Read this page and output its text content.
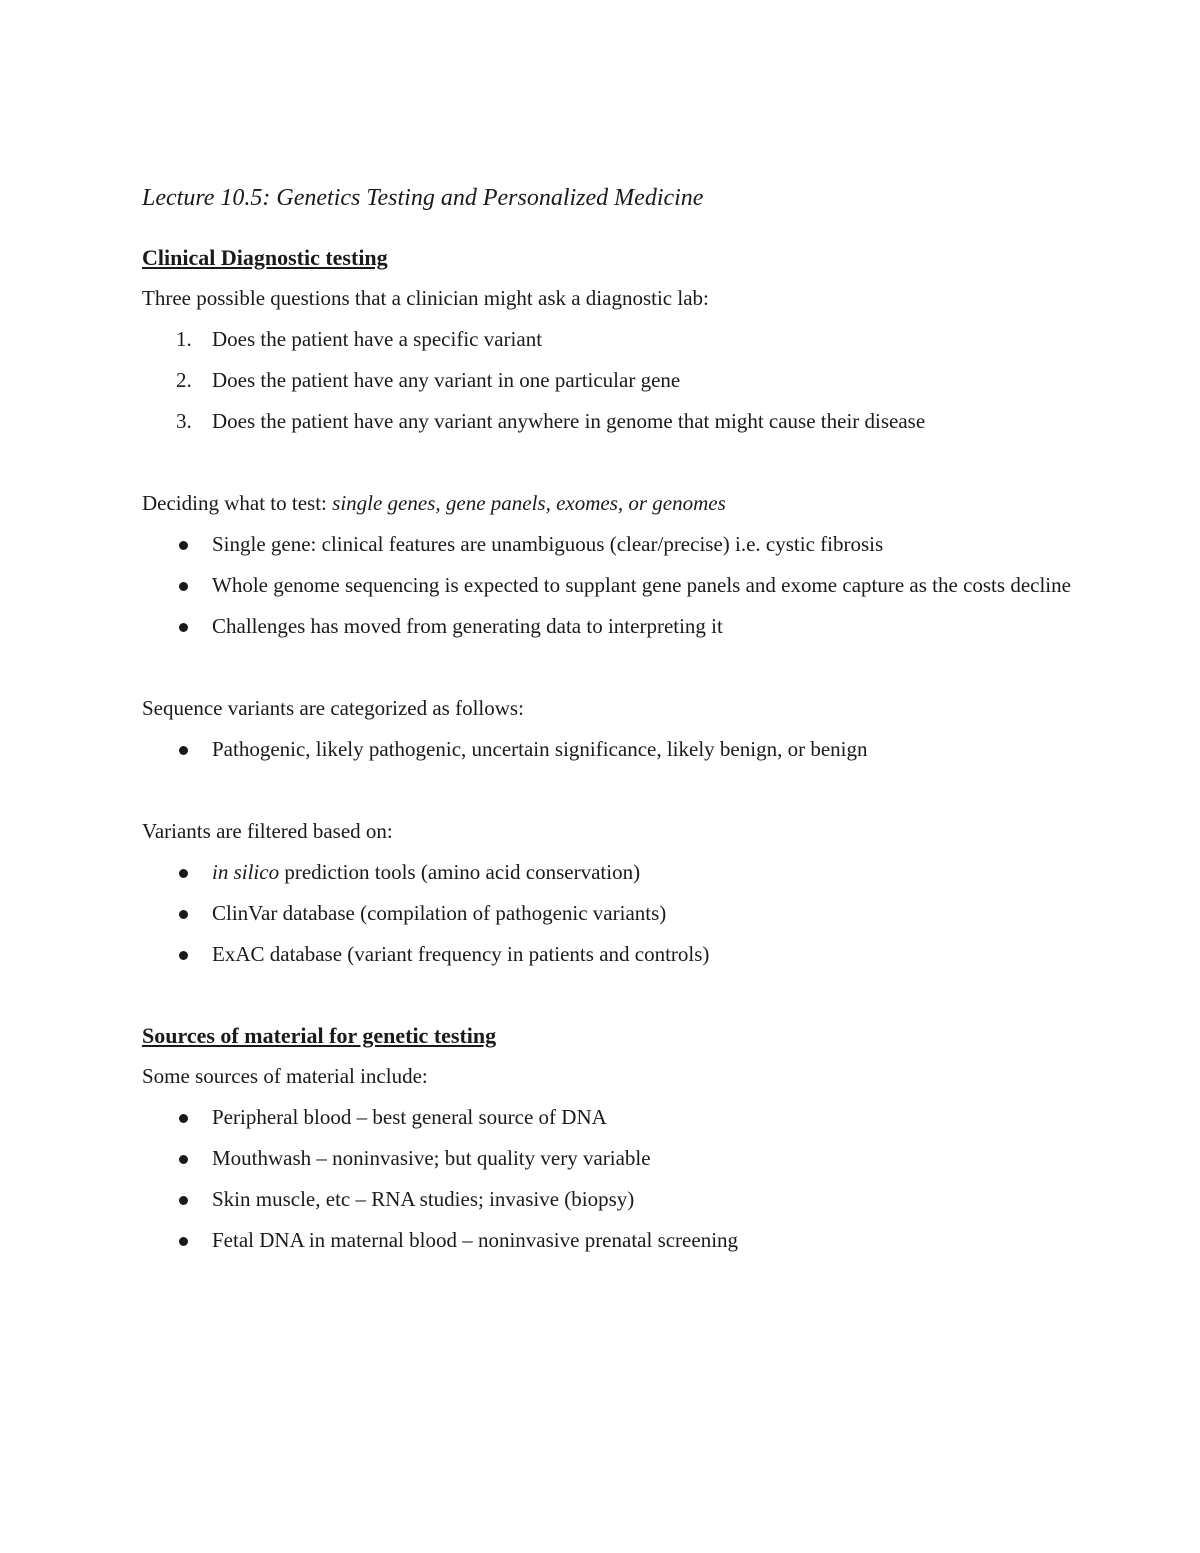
Lecture 10.5: Genetics Testing and Personalized Medicine
Clinical Diagnostic testing

Three possible questions that a clinician might ask a diagnostic lab:

1. Does the patient have a specific variant
2. Does the patient have any variant in one particular gene
3. Does the patient have any variant anywhere in genome that might cause their disease

Deciding what to test: single genes, gene panels, exomes, or genomes

Single gene: clinical features are unambiguous (clear/precise) i.e. cystic fibrosis
Whole genome sequencing is expected to supplant gene panels and exome capture as the costs decline
Challenges has moved from generating data to interpreting it

Sequence variants are categorized as follows:

Pathogenic, likely pathogenic, uncertain significance, likely benign, or benign

Variants are filtered based on:

in silico prediction tools (amino acid conservation)
ClinVar database (compilation of pathogenic variants)
ExAC database (variant frequency in patients and controls)
Sources of material for genetic testing

Some sources of material include:

Peripheral blood – best general source of DNA
Mouthwash – noninvasive; but quality very variable
Skin muscle, etc – RNA studies; invasive (biopsy)
Fetal DNA in maternal blood – noninvasive prenatal screening
